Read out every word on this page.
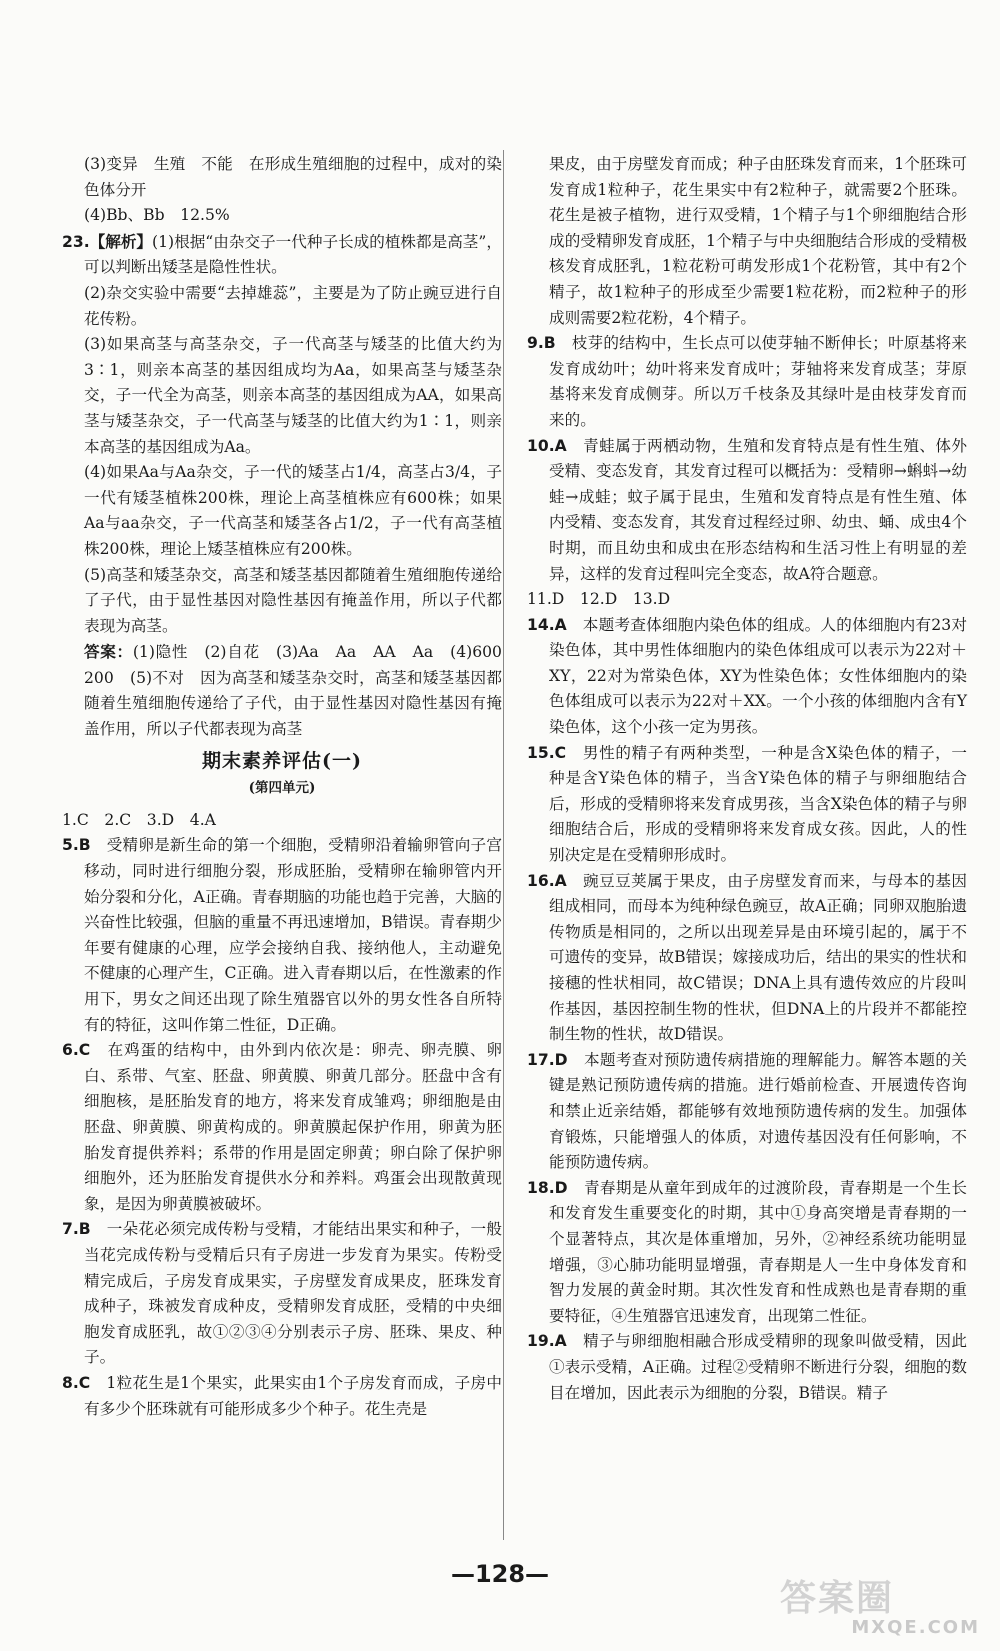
(3)变异　生殖　不能　在形成生殖细胞的过程中，成对的染色体分开

(4)Bb、Bb　12.5%

23.【解析】(1)根据“由杂交子一代种子长成的植株都是高茎”，可以判断出矮茎是隐性性状。

(2)杂交实验中需要“去掉雄蕊”，主要是为了防止豌豆进行自花传粉。

(3)如果高茎与高茎杂交，子一代高茎与矮茎的比值大约为3∶1，则亲本高茎的基因组成均为Aa，如果高茎与矮茎杂交，子一代全为高茎，则亲本高茎的基因组成为AA，如果高茎与矮茎杂交，子一代高茎与矮茎的比值大约为1∶1，则亲本高茎的基因组成为Aa。

(4)如果Aa与Aa杂交，子一代的矮茎占1/4，高茎占3/4，子一代有矮茎植株200株，理论上高茎植株应有600株；如果Aa与aa杂交，子一代高茎和矮茎各占1/2，子一代有高茎植株200株，理论上矮茎植株应有200株。

(5)高茎和矮茎杂交，高茎和矮茎基因都随着生殖细胞传递给了子代，由于显性基因对隐性基因有掩盖作用，所以子代都表现为高茎。

答案：(1)隐性　(2)自花　(3)Aa　Aa　AA　Aa　(4)600　200　(5)不对　因为高茎和矮茎杂交时，高茎和矮茎基因都随着生殖细胞传递给了子代，由于显性基因对隐性基因有掩盖作用，所以子代都表现为高茎

期末素养评估(一)
(第四单元)

1.C　2.C　3.D　4.A

5.B　 受精卵是新生命的第一个细胞，受精卵沿着输卵管向子宫移动，同时进行细胞分裂，形成胚胎，受精卵在输卵管内开始分裂和分化，A正确。青春期脑的功能也趋于完善，大脑的兴奋性比较强，但脑的重量不再迅速增加，B错误。青春期少年要有健康的心理，应学会接纳自我、接纳他人，主动避免不健康的心理产生，C正确。进入青春期以后，在性激素的作用下，男女之间还出现了除生殖器官以外的男女性各自所特有的特征，这叫作第二性征，D正确。

6.C　 在鸡蛋的结构中，由外到内依次是：卵壳、卵壳膜、卵白、系带、气室、胚盘、卵黄膜、卵黄几部分。胚盘中含有细胞核，是胚胎发育的地方，将来发育成雏鸡；卵细胞是由胚盘、卵黄膜、卵黄构成的。卵黄膜起保护作用，卵黄为胚胎发育提供养料；系带的作用是固定卵黄；卵白除了保护卵细胞外，还为胚胎发育提供水分和养料。鸡蛋会出现散黄现象，是因为卵黄膜被破坏。

7.B　 一朵花必须完成传粉与受精，才能结出果实和种子，一般当花完成传粉与受精后只有子房进一步发育为果实。传粉受精完成后，子房发育成果实，子房壁发育成果皮，胚珠发育成种子，珠被发育成种皮，受精卵发育成胚，受精的中央细胞发育成胚乳，故①②③④分别表示子房、胚珠、果皮、种子。

8.C　 1粒花生是1个果实，此果实由1个子房发育而成，子房中有多少个胚珠就有可能形成多少个种子。花生壳是

果皮，由于房壁发育而成；种子由胚珠发育而来，1个胚珠可发育成1粒种子，花生果实中有2粒种子，就需要2个胚珠。花生是被子植物，进行双受精，1个精子与1个卵细胞结合形成的受精卵发育成胚，1个精子与中央细胞结合形成的受精极核发育成胚乳，1粒花粉可萌发形成1个花粉管，其中有2个精子，故1粒种子的形成至少需要1粒花粉，而2粒种子的形成则需要2粒花粉，4个精子。

9.B　 枝芽的结构中，生长点可以使芽轴不断伸长；叶原基将来发育成幼叶；幼叶将来发育成叶；芽轴将来发育成茎；芽原基将来发育成侧芽。所以万千枝条及其绿叶是由枝芽发育而来的。

10.A　 青蛙属于两栖动物，生殖和发育特点是有性生殖、体外受精、变态发育，其发育过程可以概括为：受精卵→蝌蚪→幼蛙→成蛙；蚊子属于昆虫，生殖和发育特点是有性生殖、体内受精、变态发育，其发育过程经过卵、幼虫、蛹、成虫4个时期，而且幼虫和成虫在形态结构和生活习性上有明显的差异，这样的发育过程叫完全变态，故A符合题意。

11.D　12.D　13.D

14.A　 本题考查体细胞内染色体的组成。人的体细胞内有23对染色体，其中男性体细胞内的染色体组成可以表示为22对＋XY，22对为常染色体，XY为性染色体；女性体细胞内的染色体组成可以表示为22对＋XX。一个小孩的体细胞内含有Y染色体，这个小孩一定为男孩。

15.C　 男性的精子有两种类型，一种是含X染色体的精子，一种是含Y染色体的精子，当含Y染色体的精子与卵细胞结合后，形成的受精卵将来发育成男孩，当含X染色体的精子与卵细胞结合后，形成的受精卵将来发育成女孩。因此，人的性别决定是在受精卵形成时。

16.A　 豌豆豆荚属于果皮，由子房壁发育而来，与母本的基因组成相同，而母本为纯种绿色豌豆，故A正确；同卵双胞胎遗传物质是相同的，之所以出现差异是由环境引起的，属于不可遗传的变异，故B错误；嫁接成功后，结出的果实的性状和接穗的性状相同，故C错误；DNA上具有遗传效应的片段叫作基因，基因控制生物的性状，但DNA上的片段并不都能控制生物的性状，故D错误。

17.D　 本题考查对预防遗传病措施的理解能力。解答本题的关键是熟记预防遗传病的措施。进行婚前检查、开展遗传咨询和禁止近亲结婚，都能够有效地预防遗传病的发生。加强体育锻炼，只能增强人的体质，对遗传基因没有任何影响，不能预防遗传病。

18.D　 青春期是从童年到成年的过渡阶段，青春期是一个生长和发育发生重要变化的时期，其中①身高突增是青春期的一个显著特点，其次是体重增加，另外，②神经系统功能明显增强，③心肺功能明显增强，青春期是人一生中身体发育和智力发展的黄金时期。其次性发育和性成熟也是青春期的重要特征，④生殖器官迅速发育，出现第二性征。

19.A　 精子与卵细胞相融合形成受精卵的现象叫做受精，因此①表示受精，A正确。过程②受精卵不断进行分裂，细胞的数目在增加，因此表示为细胞的分裂，B错误。精子

—128—
答案圈
MXQE.COM
